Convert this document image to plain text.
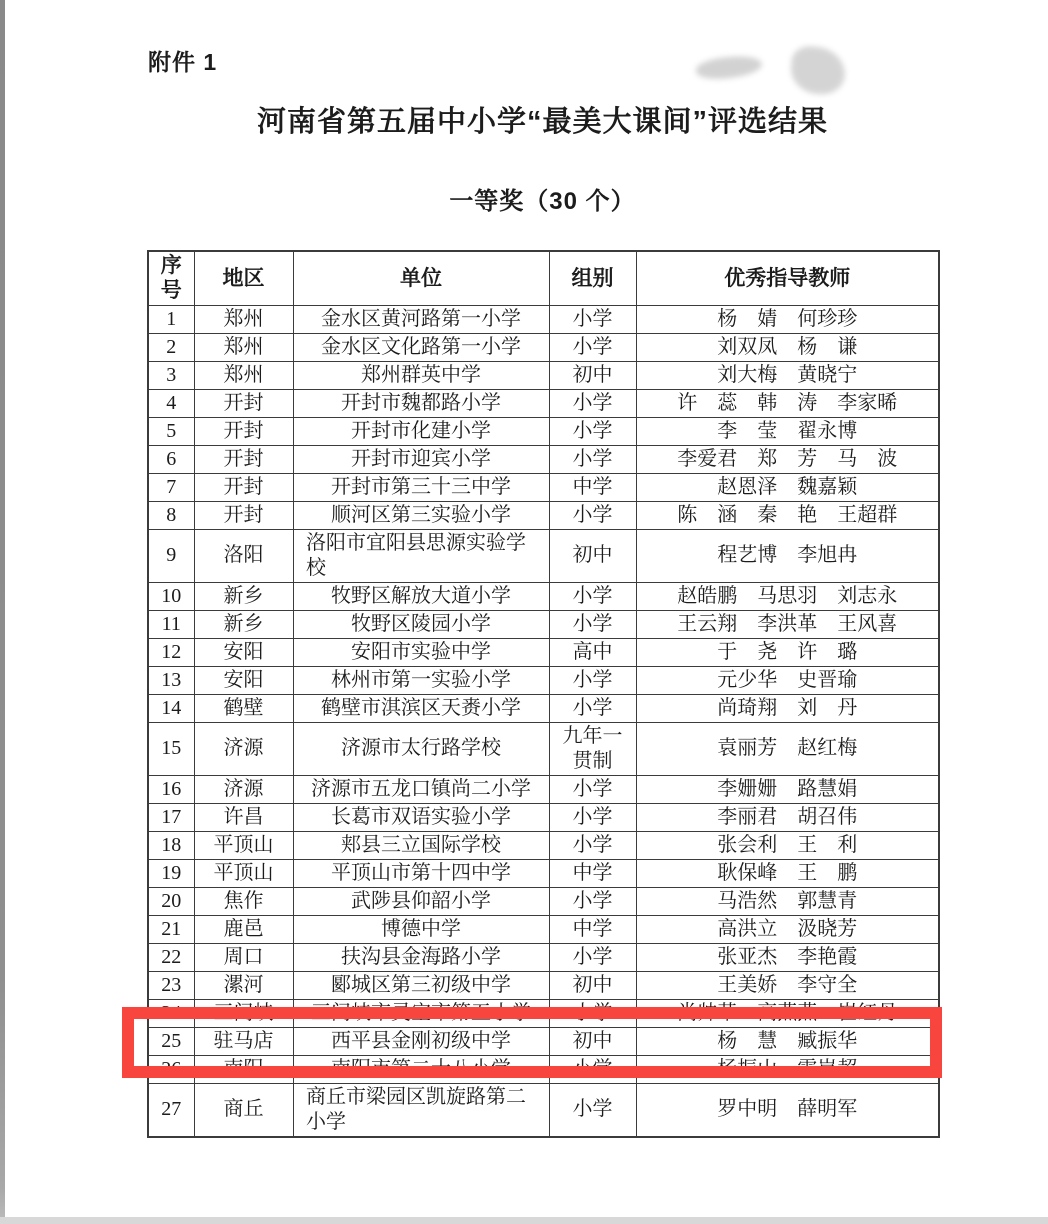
附件 1
河南省第五届中小学“最美大课间”评选结果
一等奖（30 个）
序号	地区	单位	组别	优秀指导教师
1	郑州	金水区黄河路第一小学	小学	杨　婧　何珍珍
2	郑州	金水区文化路第一小学	小学	刘双凤　杨　谦
3	郑州	郑州群英中学	初中	刘大梅　黄晓宁
4	开封	开封市魏都路小学	小学	许　蕊　韩　涛　李家晞
5	开封	开封市化建小学	小学	李　莹　翟永博
6	开封	开封市迎宾小学	小学	李爱君　郑　芳　马　波
7	开封	开封市第三十三中学	中学	赵恩泽　魏嘉颖
8	开封	顺河区第三实验小学	小学	陈　涵　秦　艳　王超群
9	洛阳	洛阳市宜阳县思源实验学校	初中	程艺博　李旭冉
10	新乡	牧野区解放大道小学	小学	赵皓鹏　马思羽　刘志永
11	新乡	牧野区陵园小学	小学	王云翔　李洪革　王风喜
12	安阳	安阳市实验中学	高中	于　尧　许　璐
13	安阳	林州市第一实验小学	小学	元少华　史晋瑜
14	鹤壁	鹤壁市淇滨区天赉小学	小学	尚琦翔　刘　丹
15	济源	济源市太行路学校	九年一贯制	袁丽芳　赵红梅
16	济源	济源市五龙口镇尚二小学	小学	李姗姗　路慧娟
17	许昌	长葛市双语实验小学	小学	李丽君　胡召伟
18	平顶山	郏县三立国际学校	小学	张会利　王　利
19	平顶山	平顶山市第十四中学	中学	耿保峰　王　鹏
20	焦作	武陟县仰韶小学	小学	马浩然　郭慧青
21	鹿邑	博德中学	中学	高洪立　汲晓芳
22	周口	扶沟县金海路小学	小学	张亚杰　李艳霞
23	漯河	郾城区第三初级中学	初中	王美娇　李守全
24	三门峡	三门峡市灵宝市第五小学	小学	尚帅革　高燕燕　崔红丹
25	驻马店	西平县金刚初级中学	初中	杨　慧　臧振华
26	南阳	南阳市第二十八小学	小学	杨振山　雷岚超
27	商丘	商丘市梁园区凯旋路第二小学	小学	罗中明　薛明军
